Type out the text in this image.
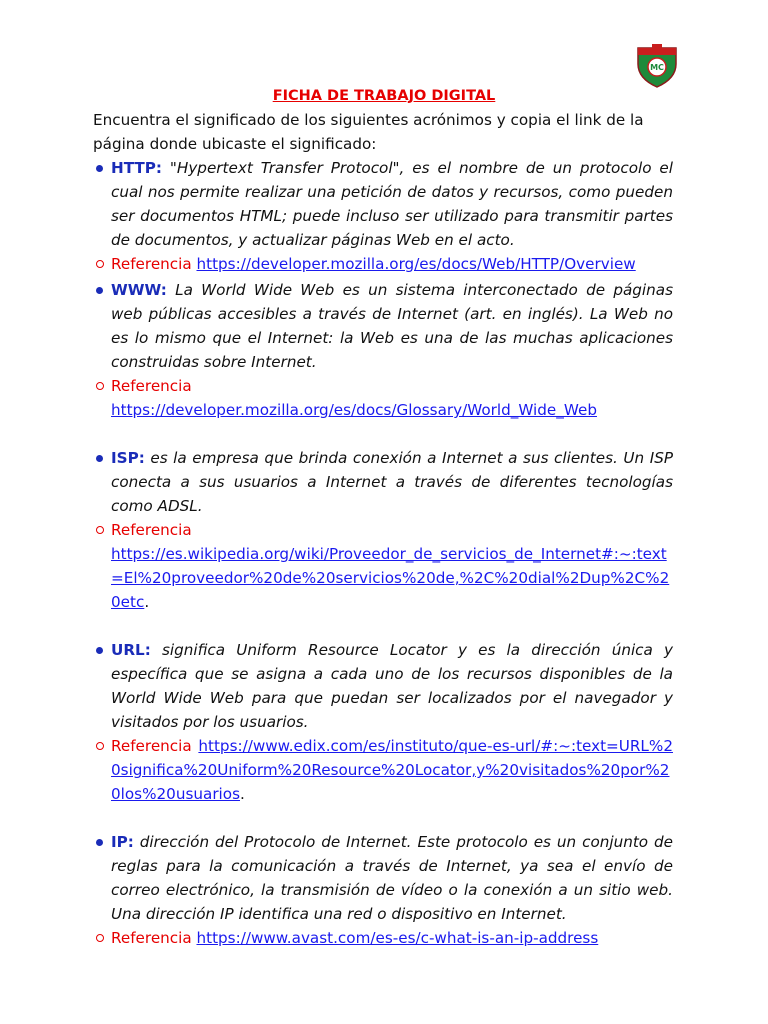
MC
FICHA DE TRABAJO DIGITAL

Encuentra el significado de los siguientes acrónimos y copia el link de la página donde ubicaste el significado:

HTTP: "Hypertext Transfer Protocol", es el nombre de un protocolo el cual nos permite realizar una petición de datos y recursos, como pueden ser documentos HTML; puede incluso ser utilizado para transmitir partes de documentos, y actualizar páginas Web en el acto.

Referencia https://developer.mozilla.org/es/docs/Web/HTTP/Overview

WWW: La World Wide Web es un sistema interconectado de páginas web públicas accesibles a través de Internet (art. en inglés). La Web no es lo mismo que el Internet: la Web es una de las muchas aplicaciones construidas sobre Internet.

Referencia
https://developer.mozilla.org/es/docs/Glossary/World_Wide_Web

ISP: es la empresa que brinda conexión a Internet a sus clientes. Un ISP conecta a sus usuarios a Internet a través de diferentes tecnologías como ADSL.

Referencia
https://es.wikipedia.org/wiki/Proveedor_de_servicios_de_Internet#:~:text=El%20proveedor%20de%20servicios%20de,%2C%20dial%2Dup%2C%20etc.

URL: significa Uniform Resource Locator y es la dirección única y específica que se asigna a cada uno de los recursos disponibles de la World Wide Web para que puedan ser localizados por el navegador y visitados por los usuarios.

Referencia https://www.edix.com/es/instituto/que-es-url/#:~:text=URL%20significa%20Uniform%20Resource%20Locator,y%20visitados%20por%20los%20usuarios.

IP: dirección del Protocolo de Internet. Este protocolo es un conjunto de reglas para la comunicación a través de Internet, ya sea el envío de correo electrónico, la transmisión de vídeo o la conexión a un sitio web. Una dirección IP identifica una red o dispositivo en Internet.

Referencia https://www.avast.com/es-es/c-what-is-an-ip-address
